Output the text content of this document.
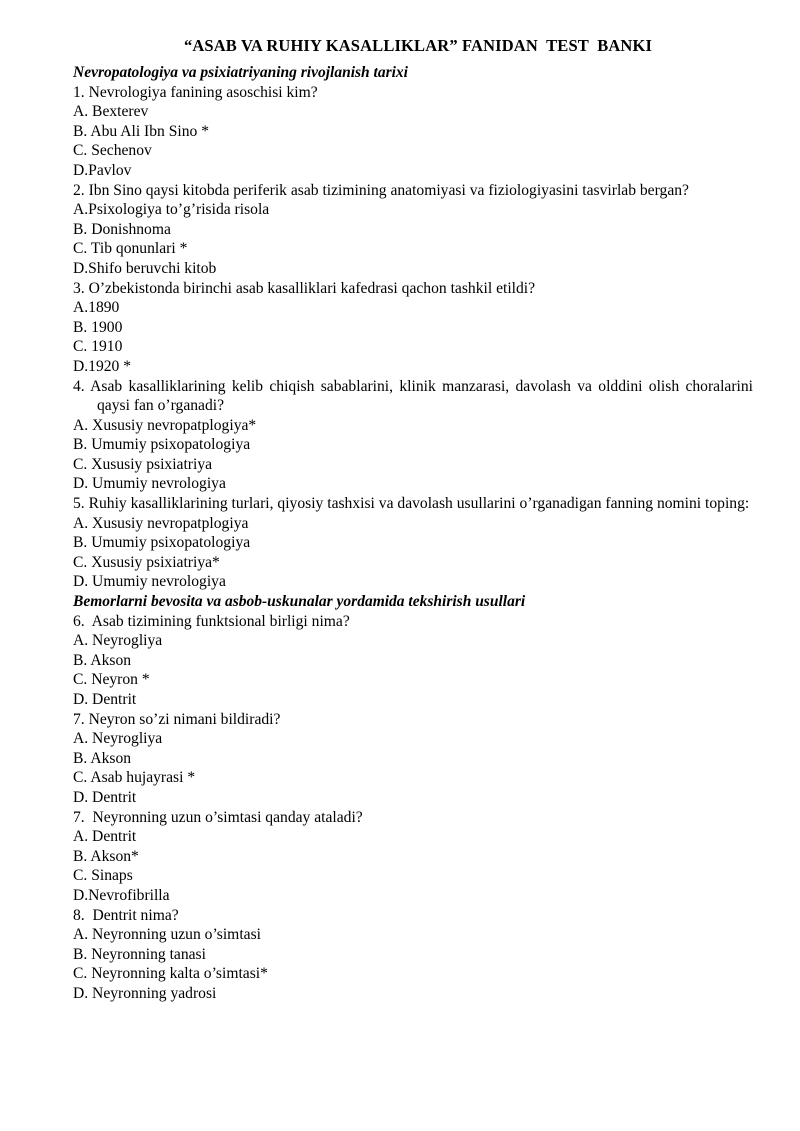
“ASAB VA RUHIY KASALLIKLAR” FANIDAN  TEST  BANKI
Nevropatologiya va psixiatriyaning rivojlanish tarixi
1. Nevrologiya fanining asoschisi kim?
A. Bexterev
B. Abu Ali Ibn Sino *
C. Sechenov
D.Pavlov
2. Ibn Sino qaysi kitobda periferik asab tizimining anatomiyasi va fiziologiyasini tasvirlab bergan?
A.Psixologiya to’g’risida risola
B. Donishnoma
C. Tib qonunlari *
D.Shifo beruvchi kitob
3. O’zbekistonda birinchi asab kasalliklari kafedrasi qachon tashkil etildi?
A.1890
B. 1900
C. 1910
D.1920 *
4. Asab kasalliklarining kelib chiqish sabablarini, klinik manzarasi, davolash va olddini olish choralarini qaysi fan o’rganadi?
A. Xususiy nevropatplogiya*
B. Umumiy psixopatologiya
C. Xususiy psixiatriya
D. Umumiy nevrologiya
5. Ruhiy kasalliklarining turlari, qiyosiy tashxisi va davolash usullarini o’rganadigan fanning nomini toping:
A. Xususiy nevropatplogiya
B. Umumiy psixopatologiya
C. Xususiy psixiatriya*
D. Umumiy nevrologiya
Bemorlarni bevosita va asbob-uskunalar yordamida tekshirish usullari
6.  Asab tizimining funktsional birligi nima?
A. Neyrogliya
B. Akson
C. Neyron *
D. Dentrit
7. Neyron so’zi nimani bildiradi?
A. Neyrogliya
B. Akson
C. Asab hujayrasi *
D. Dentrit
7.  Neyronning uzun o’simtasi qanday ataladi?
A. Dentrit
B. Akson*
C. Sinaps
D.Nevrofibrilla
8.  Dentrit nima?
A. Neyronning uzun o’simtasi
B. Neyronning tanasi
C. Neyronning kalta o’simtasi*
D. Neyronning yadrosi
